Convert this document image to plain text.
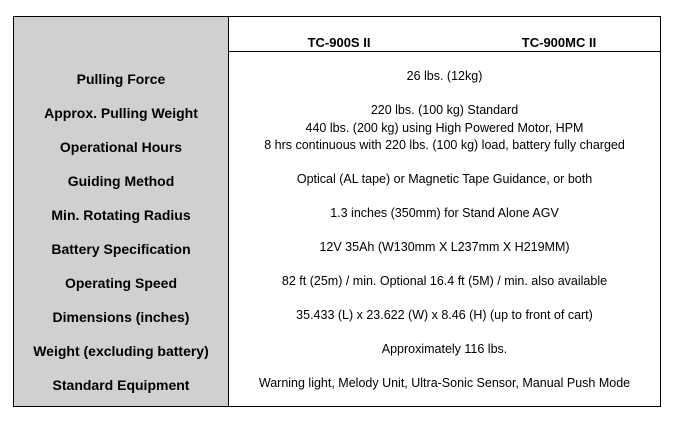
Pulling Force
Approx. Pulling Weight
Operational Hours
Guiding Method
Min. Rotating Radius
Battery Specification
Operating Speed
Dimensions (inches)
Weight (excluding battery)
Standard Equipment
TC-900S II	TC-900MC II
26 lbs. (12kg)
220 lbs. (100 kg) Standard
440 lbs. (200 kg) using High Powered Motor, HPM
8 hrs continuous with 220 lbs. (100 kg) load, battery fully charged
Optical (AL tape) or Magnetic Tape Guidance, or both
1.3 inches (350mm) for Stand Alone AGV
12V 35Ah (W130mm X L237mm X H219MM)
82 ft (25m) / min. Optional 16.4 ft (5M) / min. also available
35.433 (L) x 23.622 (W) x 8.46 (H) (up to front of cart)
Approximately 116 lbs.
Warning light, Melody Unit, Ultra-Sonic Sensor, Manual Push Mode
